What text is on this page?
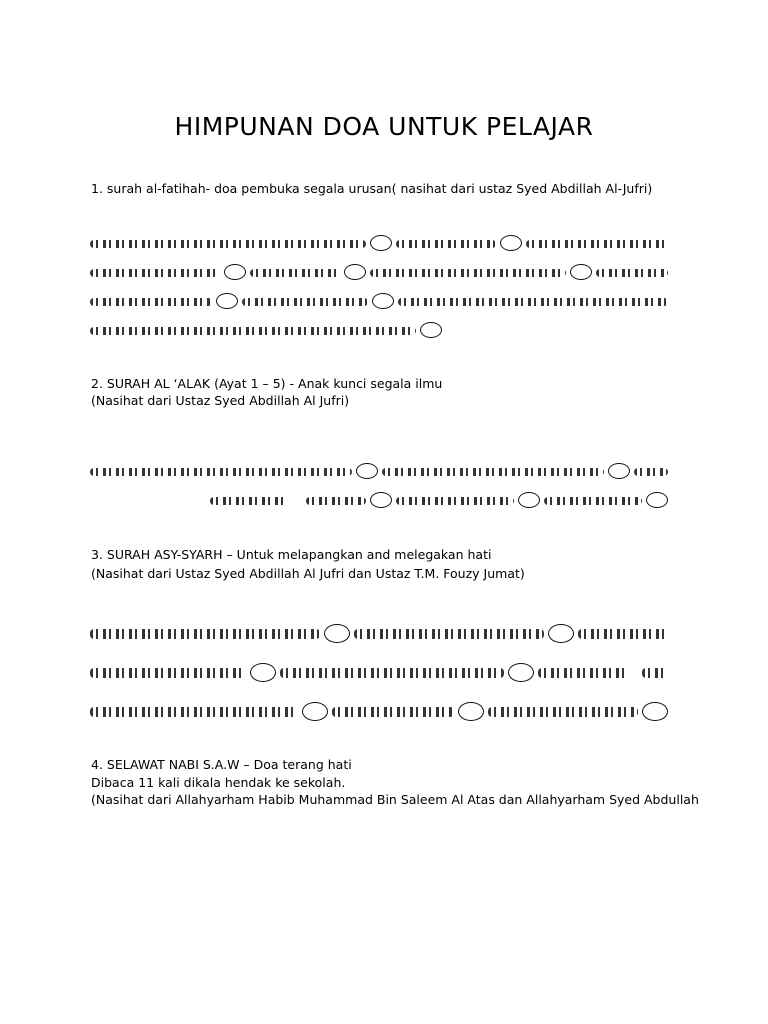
HIMPUNAN DOA UNTUK PELAJAR
1. surah al-fatihah- doa pembuka segala urusan( nasihat dari ustaz Syed Abdillah Al-Jufri)
2. SURAH AL ‘ALAK (Ayat 1 – 5) - Anak kunci segala ilmu
(Nasihat dari Ustaz Syed Abdillah Al Jufri)
3. SURAH ASY-SYARH – Untuk melapangkan and melegakan hati
(Nasihat dari Ustaz Syed Abdillah Al Jufri dan Ustaz T.M. Fouzy Jumat)
4. SELAWAT NABI S.A.W – Doa terang hati
Dibaca 11 kali dikala hendak ke sekolah.
(Nasihat dari Allahyarham Habib Muhammad Bin Saleem Al Atas dan Allahyarham Syed Abdullah
